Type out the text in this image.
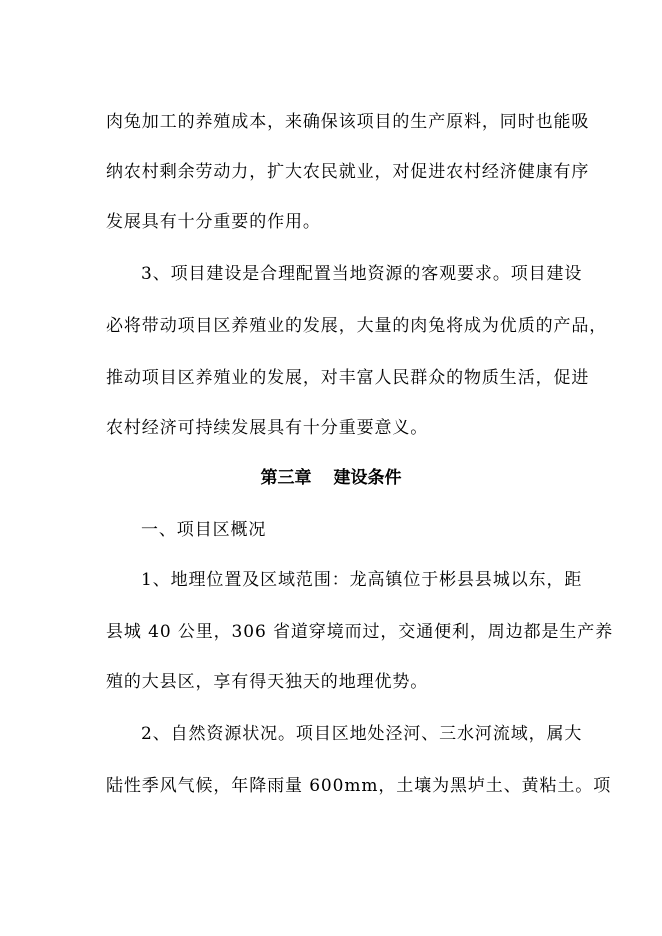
肉兔加工的养殖成本，来确保该项目的生产原料，同时也能吸
纳农村剩余劳动力，扩大农民就业，对促进农村经济健康有序
发展具有十分重要的作用。
3、项目建设是合理配置当地资源的客观要求。项目建设
必将带动项目区养殖业的发展，大量的肉兔将成为优质的产品，
推动项目区养殖业的发展，对丰富人民群众的物质生活，促进
农村经济可持续发展具有十分重要意义。
第三章 建设条件
一、项目区概况
1、地理位置及区域范围：龙高镇位于彬县县城以东，距
县城 40 公里，306 省道穿境而过，交通便利，周边都是生产养
殖的大县区，享有得天独天的地理优势。
2、自然资源状况。项目区地处泾河、三水河流域，属大
陆性季风气候，年降雨量 600mm，土壤为黑垆土、黄粘土。项
